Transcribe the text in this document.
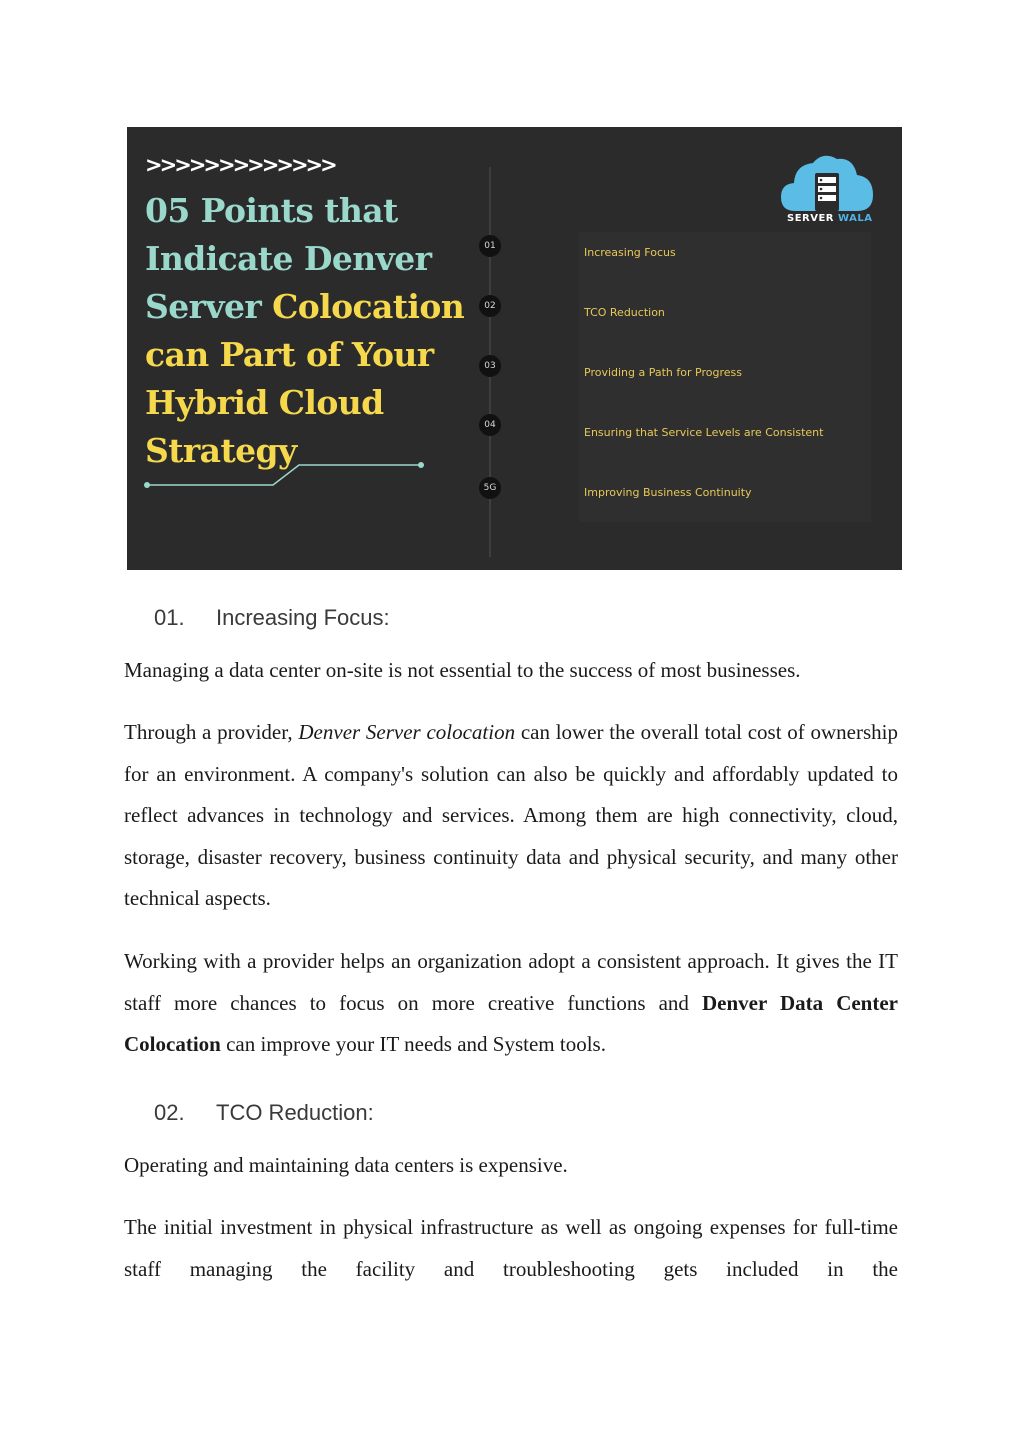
>>>>>>>>>>>>>
05 Points that Indicate Denver Server Colocation can Part of Your Hybrid Cloud Strategy
01
02
03
04
5G
Increasing Focus
TCO Reduction
Providing a Path for Progress
Ensuring that Service Levels are Consistent
Improving Business Continuity
SERVER WALA
01. Increasing Focus:

Managing a data center on-site is not essential to the success of most businesses.

Through a provider, Denver Server colocation can lower the overall total cost of ownership for an environment. A company's solution can also be quickly and affordably updated to reflect advances in technology and services. Among them are high connectivity, cloud, storage, disaster recovery, business continuity data and physical security, and many other technical aspects.

Working with a provider helps an organization adopt a consistent approach. It gives the IT staff more chances to focus on more creative functions and Denver Data Center Colocation can improve your IT needs and System tools.

02. TCO Reduction:

Operating and maintaining data centers is expensive.

The initial investment in physical infrastructure as well as ongoing expenses for full-time staff managing the facility and troubleshooting gets included in the
